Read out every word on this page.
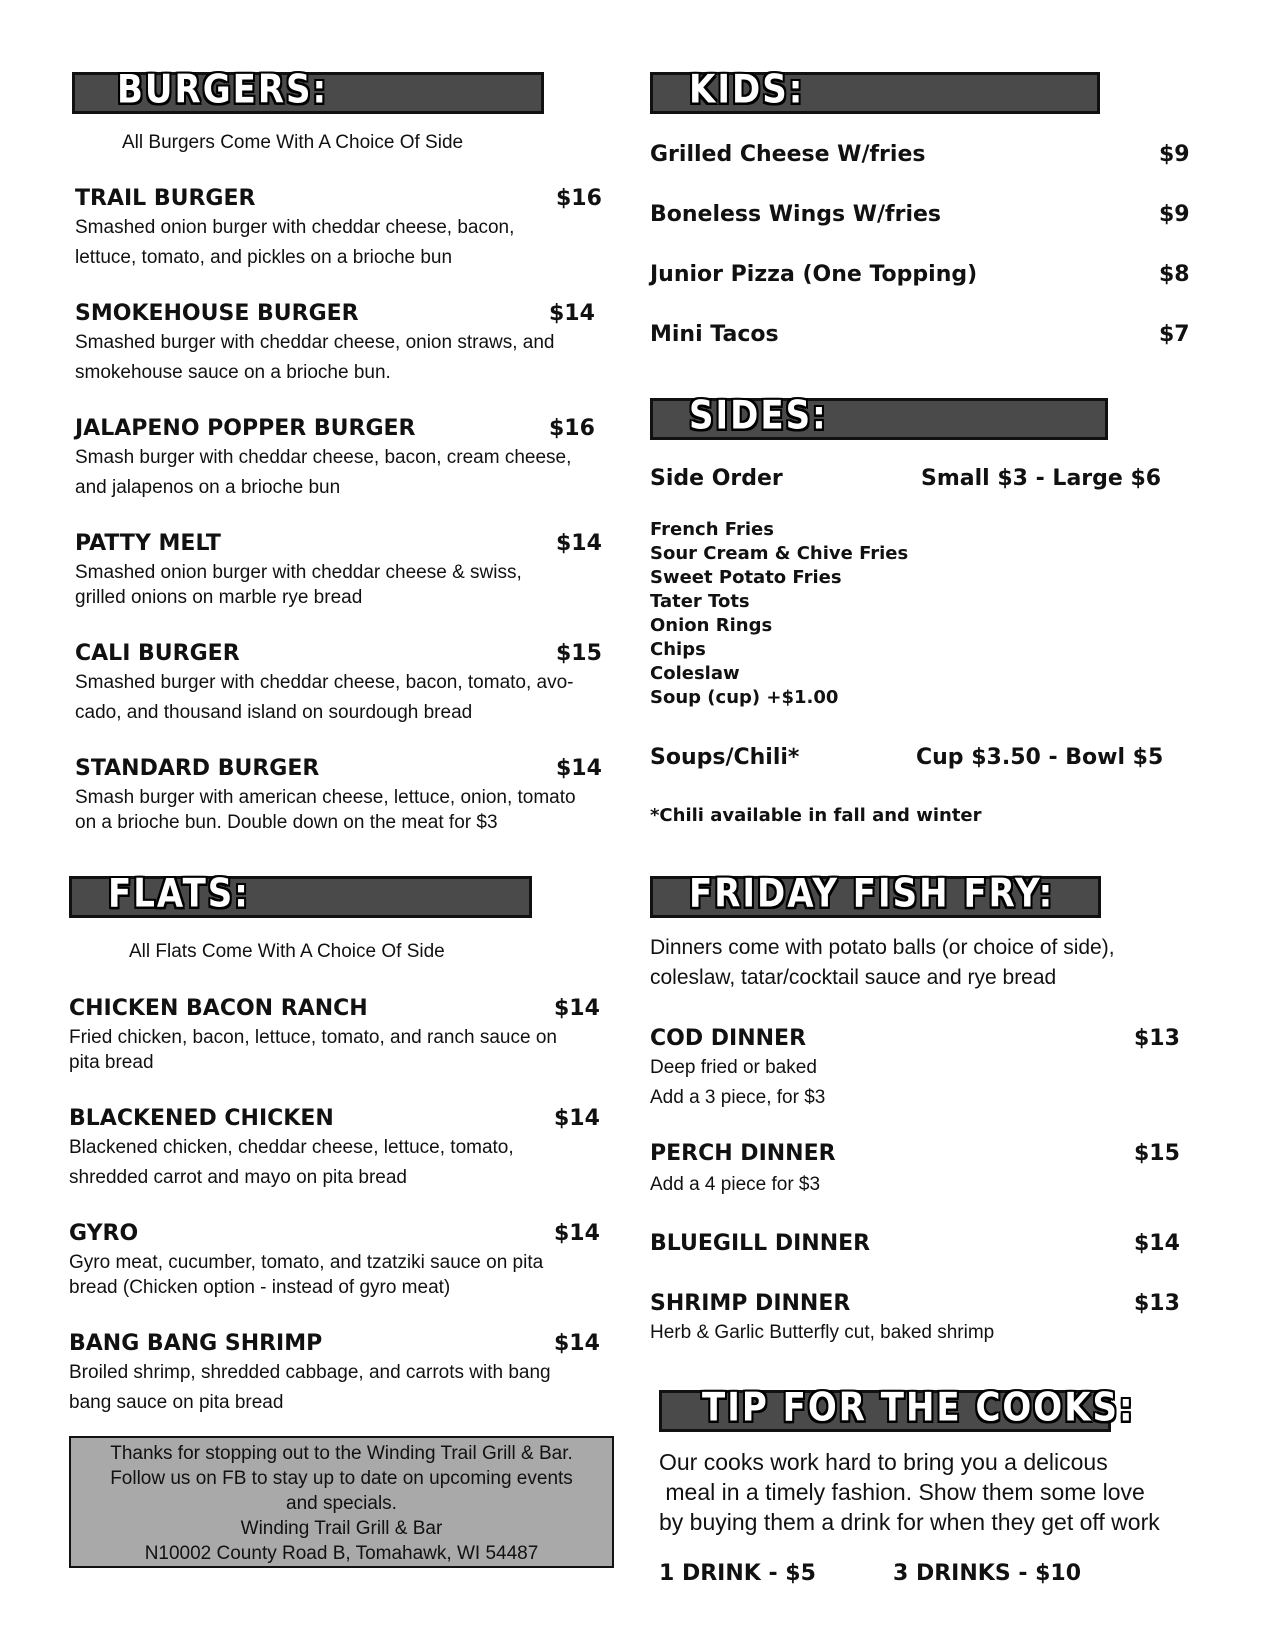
BURGERS:
All Burgers Come With A Choice Of Side
TRAIL BURGER	$16
Smashed onion burger with cheddar cheese, bacon,
lettuce, tomato, and pickles on a brioche bun
SMOKEHOUSE BURGER	$14
Smashed burger with cheddar cheese, onion straws, and
smokehouse sauce on a brioche bun.
JALAPENO POPPER BURGER	$16
Smash burger with cheddar cheese, bacon, cream cheese,
and jalapenos on a brioche bun
PATTY MELT	$14
Smashed onion burger with cheddar cheese & swiss,
grilled onions on marble rye bread
CALI BURGER	$15
Smashed burger with cheddar cheese, bacon, tomato, avo-
cado, and thousand island on sourdough bread
STANDARD BURGER	$14
Smash burger with american cheese, lettuce, onion, tomato
on a brioche bun. Double down on the meat for $3
FLATS:
All Flats Come With A Choice Of Side
CHICKEN BACON RANCH	$14
Fried chicken, bacon, lettuce, tomato, and ranch sauce on
pita bread
BLACKENED CHICKEN	$14
Blackened chicken, cheddar cheese, lettuce, tomato,
shredded carrot and mayo on pita bread
GYRO	$14
Gyro meat, cucumber, tomato, and tzatziki sauce on pita
bread (Chicken option - instead of gyro meat)
BANG BANG SHRIMP	$14
Broiled shrimp, shredded cabbage, and carrots with bang
bang sauce on pita bread
Thanks for stopping out to the Winding Trail Grill & Bar.
Follow us on FB to stay up to date on upcoming events
and specials.
Winding Trail Grill & Bar
N10002 County Road B, Tomahawk, WI 54487
KIDS:
Grilled Cheese W/fries	$9
Boneless Wings W/fries	$9
Junior Pizza (One Topping)	$8
Mini Tacos	$7
SIDES:
Side Order	Small $3 - Large $6
French Fries
Sour Cream & Chive Fries
Sweet Potato Fries
Tater Tots
Onion Rings
Chips
Coleslaw
Soup (cup) +$1.00
Soups/Chili*	Cup $3.50 - Bowl $5
*Chili available in fall and winter
FRIDAY FISH FRY:
Dinners come with potato balls (or choice of side),
coleslaw, tatar/cocktail sauce and rye bread
COD DINNER	$13
Deep fried or baked
Add a 3 piece, for $3
PERCH DINNER	$15
Add a 4 piece for $3
BLUEGILL DINNER	$14
SHRIMP DINNER	$13
Herb & Garlic Butterfly cut, baked shrimp
TIP FOR THE COOKS:
Our cooks work hard to bring you a delicous
meal in a timely fashion. Show them some love
by buying them a drink for when they get off work
1 DRINK - $5	3 DRINKS - $10
